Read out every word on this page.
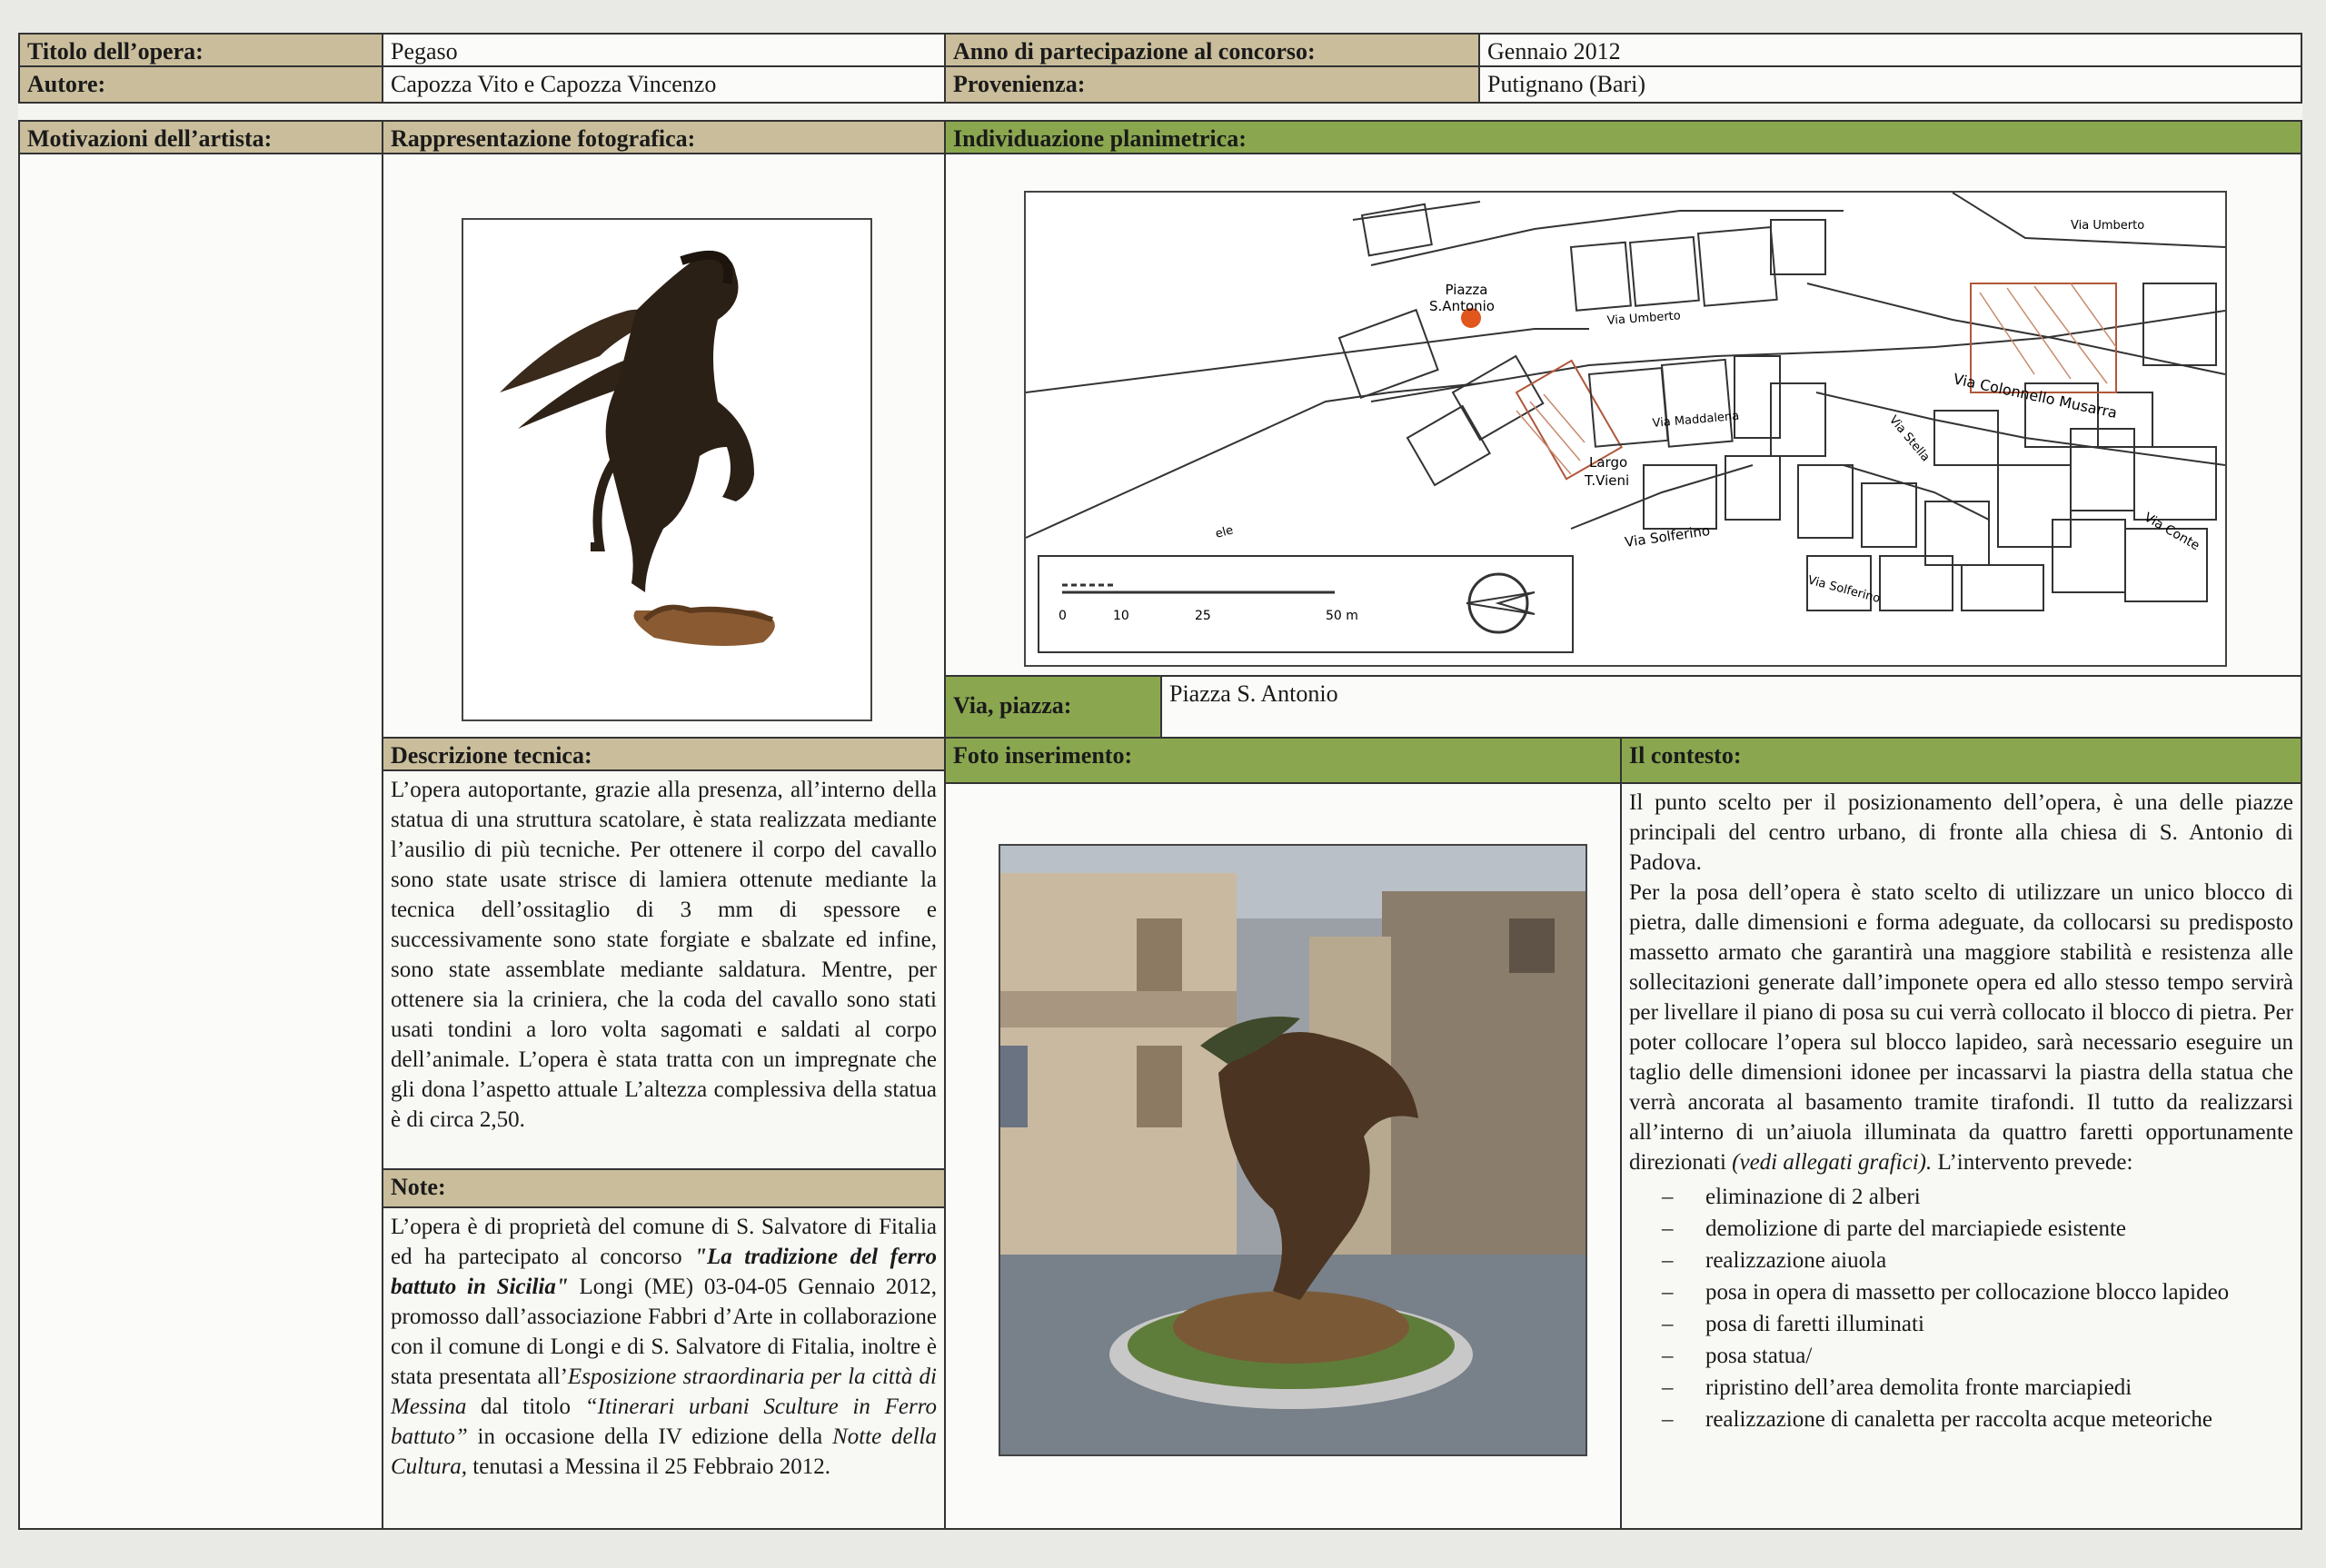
Titolo dell’opera:	Pegaso	Anno di partecipazione al concorso:	Gennaio 2012
Autore:	Capozza Vito e Capozza Vincenzo	Provenienza:	Putignano (Bari)
Motivazioni dell’artista:	Rappresentazione fotografica:	Individuazione planimetrica:
Piazza
S.Antonio
Via Umberto
Via Umberto
Via Colonnello Musarra
Via Maddalena
Largo
T.Vieni
Via Solferino
Via Solferino
Via Conte
Via Stella
ele
0	10	25	50 m
Via, piazza:	Piazza S. Antonio
Descrizione tecnica:	Foto inserimento:	Il contesto:

L’opera autoportante, grazie alla presenza, all’interno della statua di una struttura scatolare, è stata realizzata mediante l’ausilio di più tecniche. Per ottenere il corpo del cavallo sono state usate strisce di lamiera ottenute mediante la tecnica dell’ossitaglio di 3 mm di spessore e successivamente sono state forgiate e sbalzate ed infine, sono state assemblate mediante saldatura. Mentre, per ottenere sia la criniera, che la coda del cavallo sono stati usati tondini a loro volta sagomati e saldati al corpo dell’animale. L’opera è stata tratta con un impregnate che gli dona l’aspetto attuale L’altezza complessiva della statua è di circa 2,50.

Note:

L’opera è di proprietà del comune di S. Salvatore di Fitalia ed ha partecipato al concorso "La tradizione del ferro battuto in Sicilia" Longi (ME) 03-04-05 Gennaio 2012, promosso dall’associazione Fabbri d’Arte in collaborazione con il comune di Longi e di S. Salvatore di Fitalia, inoltre è stata presentata all’Esposizione straordinaria per la città di Messina dal titolo “Itinerari urbani Sculture in Ferro battuto” in occasione della IV edizione della Notte della Cultura, tenutasi a Messina il 25 Febbraio 2012.

Il punto scelto per il posizionamento dell’opera, è una delle piazze principali del centro urbano, di fronte alla chiesa di S. Antonio di Padova.

Per la posa dell’opera è stato scelto di utilizzare un unico blocco di pietra, dalle dimensioni e forma adeguate, da collocarsi su predisposto massetto armato che garantirà una maggiore stabilità e resistenza alle sollecitazioni generate dall’imponete opera ed allo stesso tempo servirà per livellare il piano di posa su cui verrà collocato il blocco di pietra. Per poter collocare l’opera sul blocco lapideo, sarà necessario eseguire un taglio delle dimensioni idonee per incassarvi la piastra della statua che verrà ancorata al basamento tramite tirafondi. Il tutto da realizzarsi all’interno di un’aiuola illuminata da quattro faretti opportunamente direzionati (vedi allegati grafici). L’intervento prevede:

– eliminazione di 2 alberi
– demolizione di parte del marciapiede esistente
– realizzazione aiuola
– posa in opera di massetto per collocazione blocco lapideo
– posa di faretti illuminati
– posa statua/
– ripristino dell’area demolita fronte marciapiedi
– realizzazione di canaletta per raccolta acque meteoriche
